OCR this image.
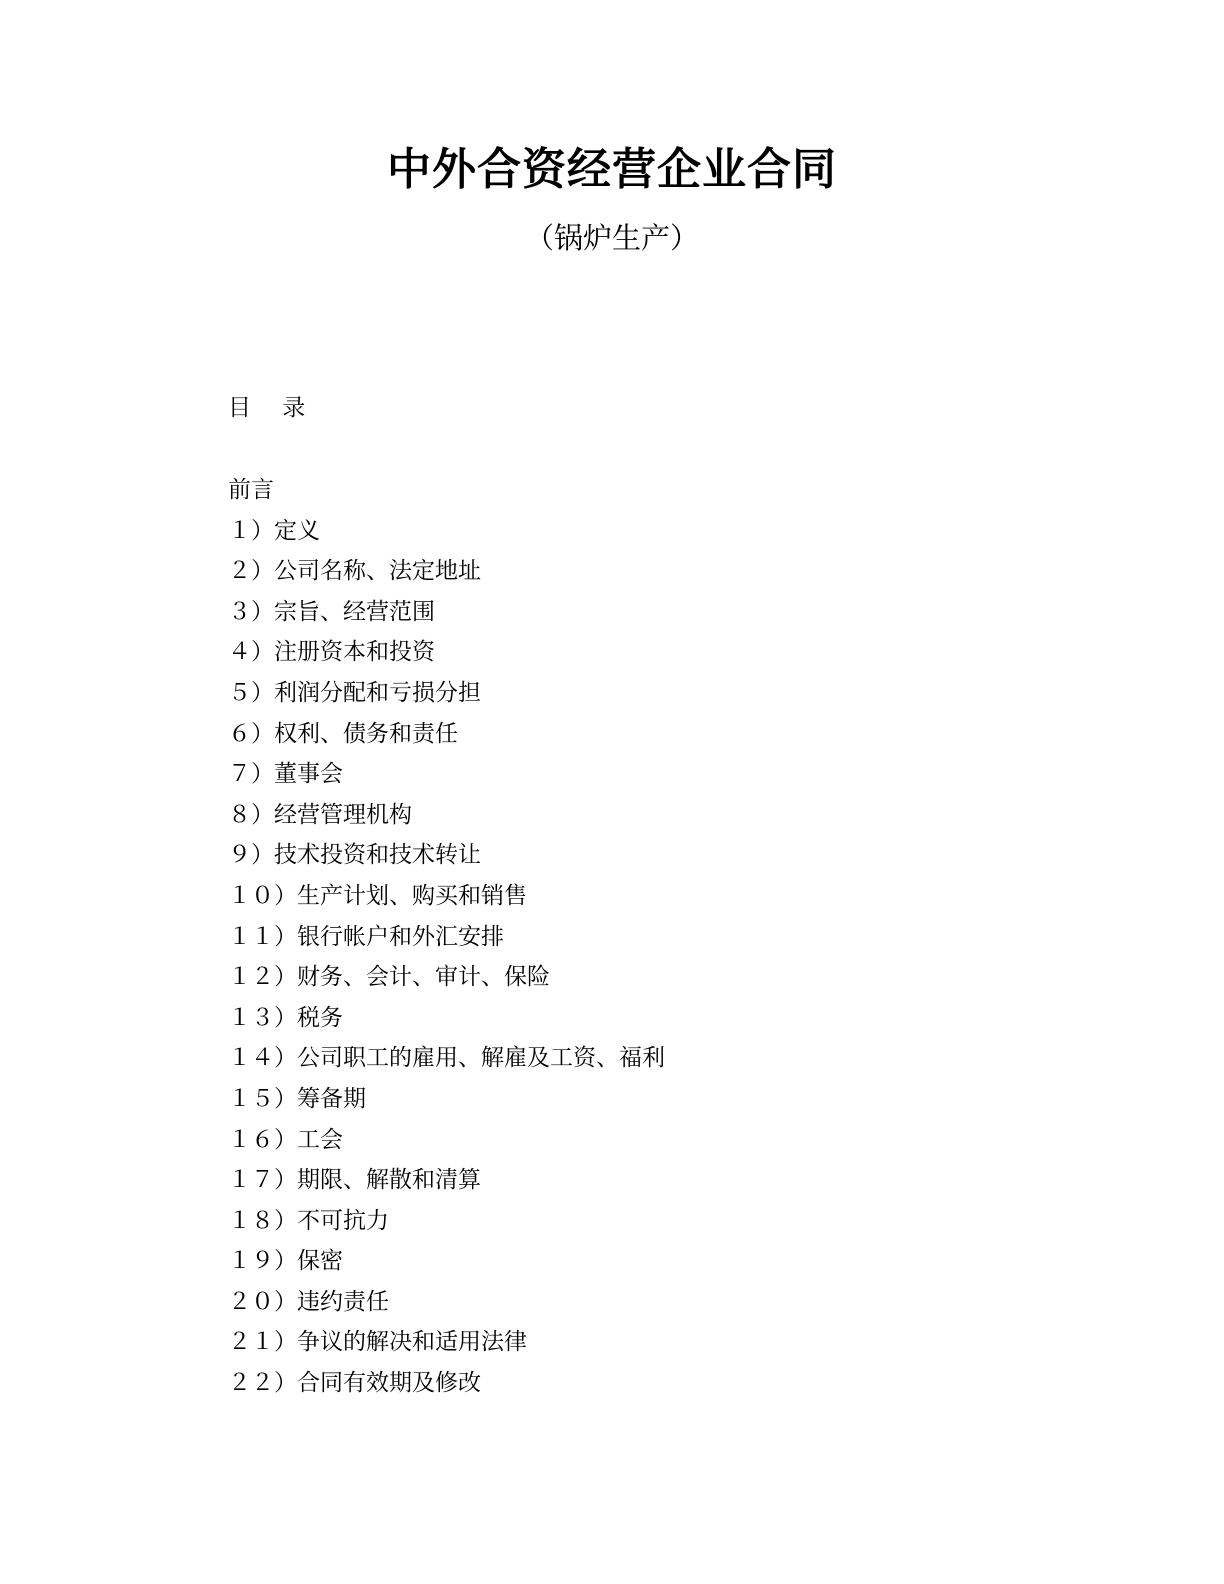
中外合资经营企业合同

（锅炉生产）

目 录

前言
１）定义
２）公司名称、法定地址
３）宗旨、经营范围
４）注册资本和投资
５）利润分配和亏损分担
６）权利、债务和责任
７）董事会
８）经营管理机构
９）技术投资和技术转让
１０）生产计划、购买和销售
１１）银行帐户和外汇安排
１２）财务、会计、审计、保险
１３）税务
１４）公司职工的雇用、解雇及工资、福利
１５）筹备期
１６）工会
１７）期限、解散和清算
１８）不可抗力
１９）保密
２０）违约责任
２１）争议的解决和适用法律
２２）合同有效期及修改
